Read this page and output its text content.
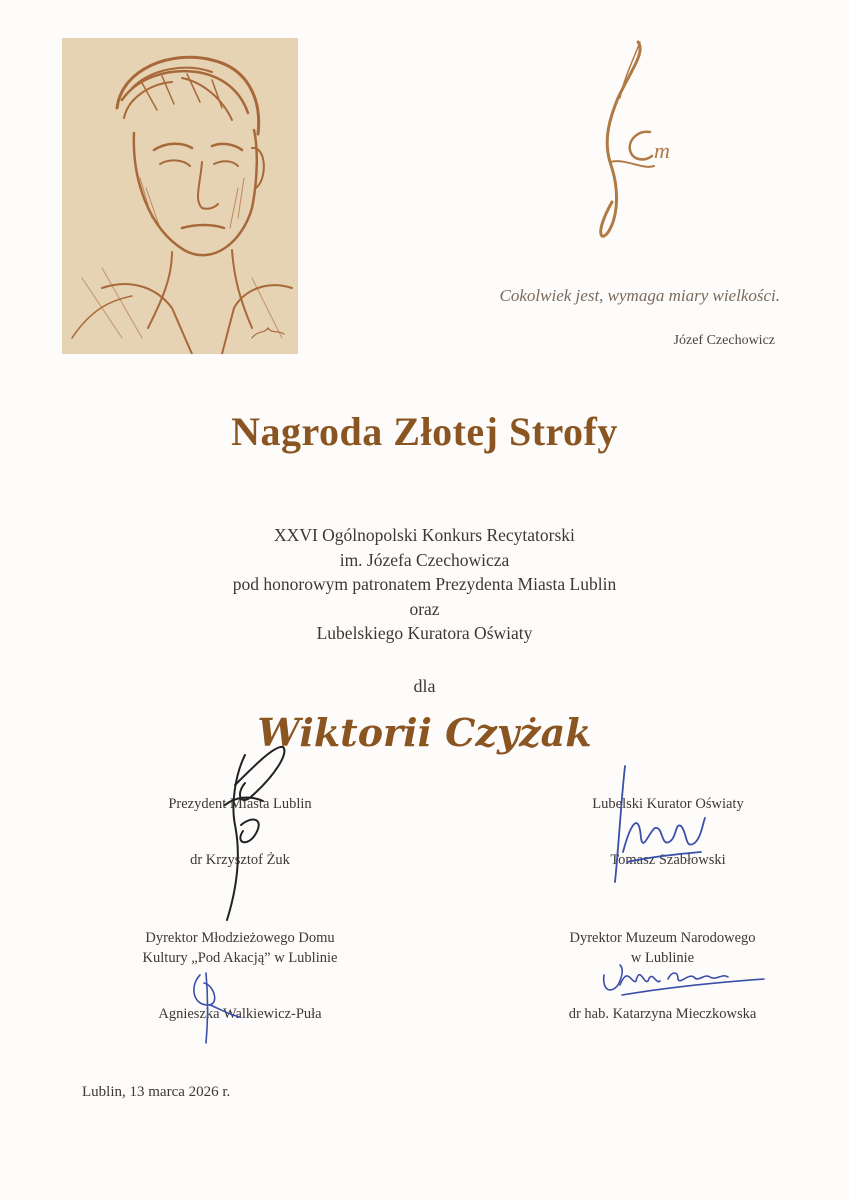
m
Cokolwiek jest, wymaga miary wielkości.
Józef Czechowicz
Nagroda Złotej Strofy
XXVI Ogólnopolski Konkurs Recytatorski
im. Józefa Czechowicza
pod honorowym patronatem Prezydenta Miasta Lublin
oraz
Lubelskiego Kuratora Oświaty
dla
Wiktorii Czyżak
Prezydent Miasta Lublin
dr Krzysztof Żuk
Lubelski Kurator Oświaty
Tomasz Szabłowski
Dyrektor Młodzieżowego Domu
Kultury „Pod Akacją” w Lublinie
Agnieszka Walkiewicz-Puła
Dyrektor Muzeum Narodowego
w Lublinie
dr hab. Katarzyna Mieczkowska
Lublin, 13 marca 2026 r.
